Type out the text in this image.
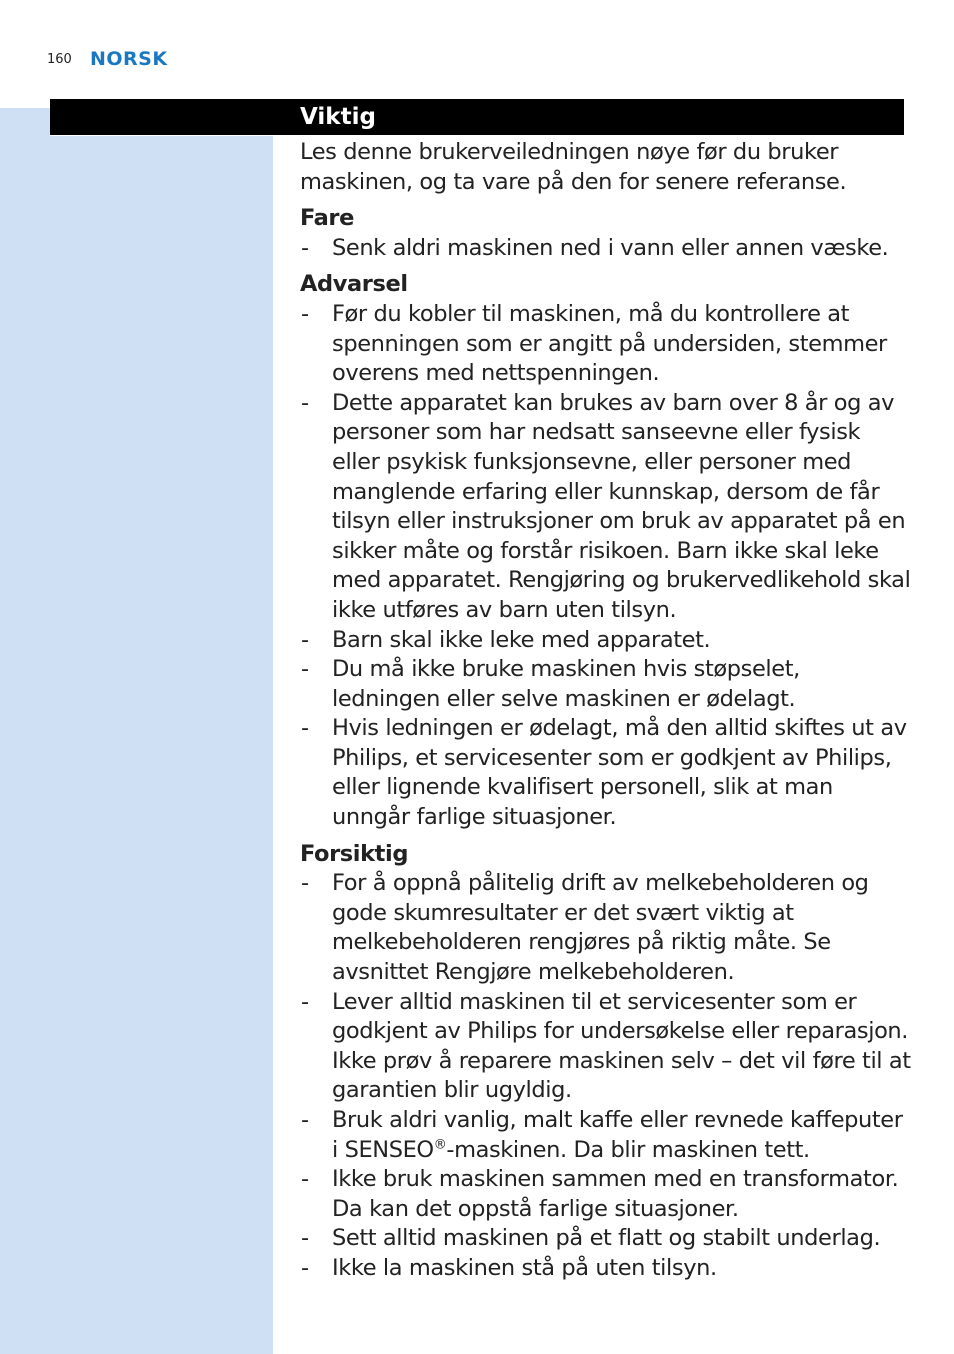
160 NORSK
Viktig

Les denne brukerveiledningen nøye før du bruker maskinen, og ta vare på den for senere referanse.

Fare
- Senk aldri maskinen ned i vann eller annen væske.
Advarsel
- Før du kobler til maskinen, må du kontrollere at spenningen som er angitt på undersiden, stemmer overens med nettspenningen.
- Dette apparatet kan brukes av barn over 8 år og av personer som har nedsatt sanseevne eller fysisk eller psykisk funksjonsevne, eller personer med manglende erfaring eller kunnskap, dersom de får tilsyn eller instruksjoner om bruk av apparatet på en sikker måte og forstår risikoen. Barn ikke skal leke med apparatet. Rengjøring og brukervedlikehold skal ikke utføres av barn uten tilsyn.
- Barn skal ikke leke med apparatet.
- Du må ikke bruke maskinen hvis støpselet, ledningen eller selve maskinen er ødelagt.
- Hvis ledningen er ødelagt, må den alltid skiftes ut av Philips, et servicesenter som er godkjent av Philips, eller lignende kvalifisert personell, slik at man unngår farlige situasjoner.
Forsiktig
- For å oppnå pålitelig drift av melkebeholderen og gode skumresultater er det svært viktig at melkebeholderen rengjøres på riktig måte. Se avsnittet Rengjøre melkebeholderen.
- Lever alltid maskinen til et servicesenter som er godkjent av Philips for undersøkelse eller reparasjon. Ikke prøv å reparere maskinen selv – det vil føre til at garantien blir ugyldig.
- Bruk aldri vanlig, malt kaffe eller revnede kaffeputer i SENSEO®-maskinen. Da blir maskinen tett.
- Ikke bruk maskinen sammen med en transformator. Da kan det oppstå farlige situasjoner.
- Sett alltid maskinen på et flatt og stabilt underlag.
- Ikke la maskinen stå på uten tilsyn.
